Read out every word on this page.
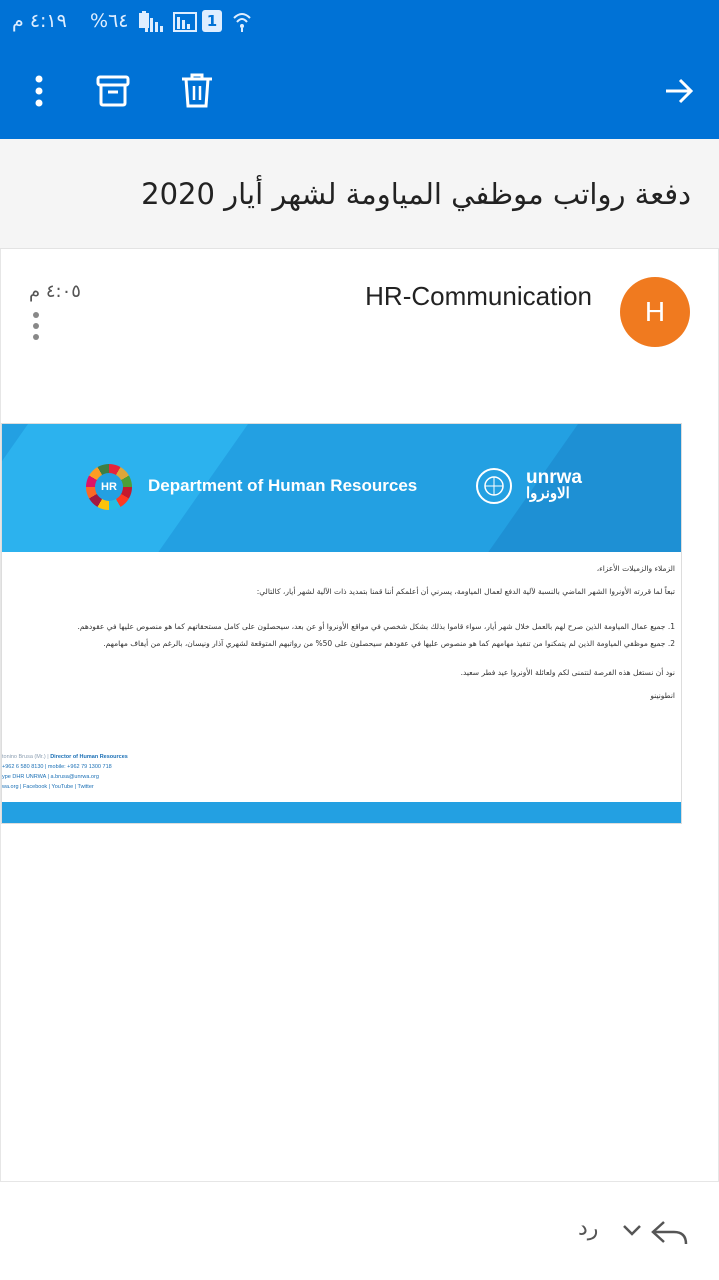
٤:١٩ م %٦٤	1
دفعة رواتب موظفي المياومة لشهر أيار 2020
H
HR-Communication
٤:٠٥ م
HR	Department of Human Resources	unrwa
الاونروا

الزملاء والزميلات الأعزاء،

تبعاً لما قررته الأونروا الشهر الماضي بالنسبة لآلية الدفع لعمال المياومة، يسرني أن أعلمكم أننا قمنا بتمديد ذات الآلية لشهر أيار، كالتالي:

1. جميع عمال المياومة الذين صرح لهم بالعمل خلال شهر أيار، سواء قاموا بذلك بشكل شخصي في مواقع الأونروا أو عن بعد، سيحصلون على كامل مستحقاتهم كما هو منصوص عليها في عقودهم.

2. جميع موظفي المياومة الذين لم يتمكنوا من تنفيذ مهامهم كما هو منصوص عليها في عقودهم سيحصلون على 50% من رواتبهم المتوقعة لشهري آذار ونيسان، بالرغم من أيقاف مهامهم.

نود أن نستغل هذه الفرصة لنتمنى لكم ولعائلة الأونروا عيد فطر سعيد.

انطونينو

tonino Brusa (Mr.) | Director of Human Resources
+962 6 580 8130 | mobile: +962 79 1300 718
ype DHR UNRWA | a.brusa@unrwa.org
wa.org | Facebook | YouTube | Twitter
رد
